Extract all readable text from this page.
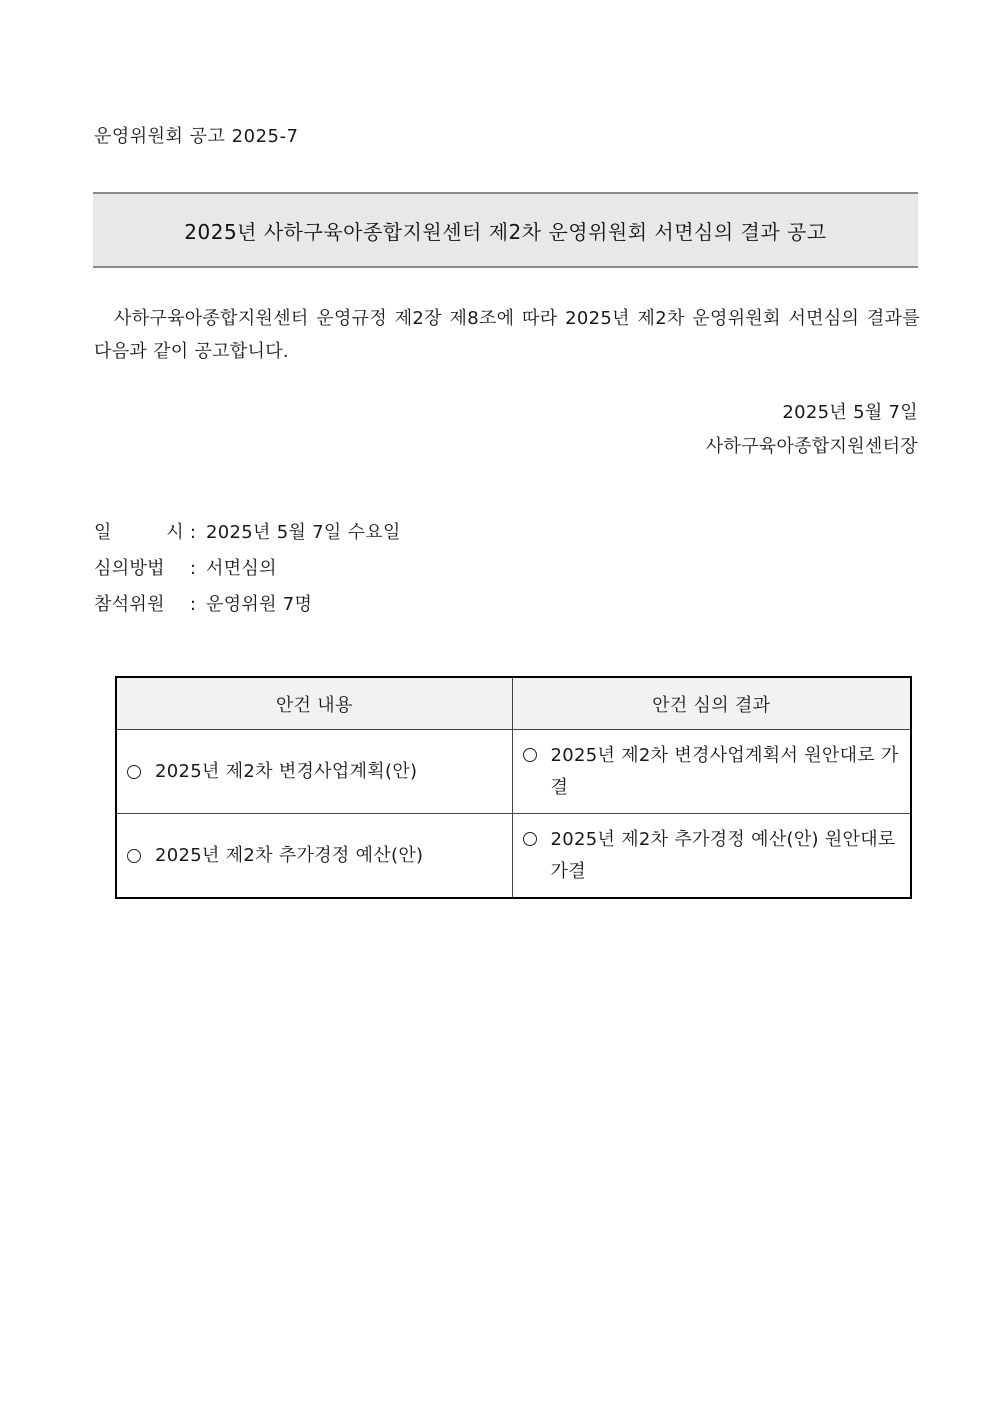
운영위원회 공고 2025-7

2025년 사하구육아종합지원센터 제2차 운영위원회 서면심의 결과 공고

사하구육아종합지원센터 운영규정 제2장 제8조에 따라 2025년 제2차 운영위원회 서면심의 결과를 다음과 같이 공고합니다.

2025년 5월 7일

사하구육아종합지원센터장

일	시 : 2025년 5월 7일 수요일
심의방법	: 서면심의
참석위원	: 운영위원 7명
안건 내용	안건 심의 결과

2025년 제2차 변경사업계획(안)	2025년 제2차 변경사업계획서 원안대로 가결

2025년 제2차 추가경정 예산(안)	2025년 제2차 추가경정 예산(안) 원안대로 가결
